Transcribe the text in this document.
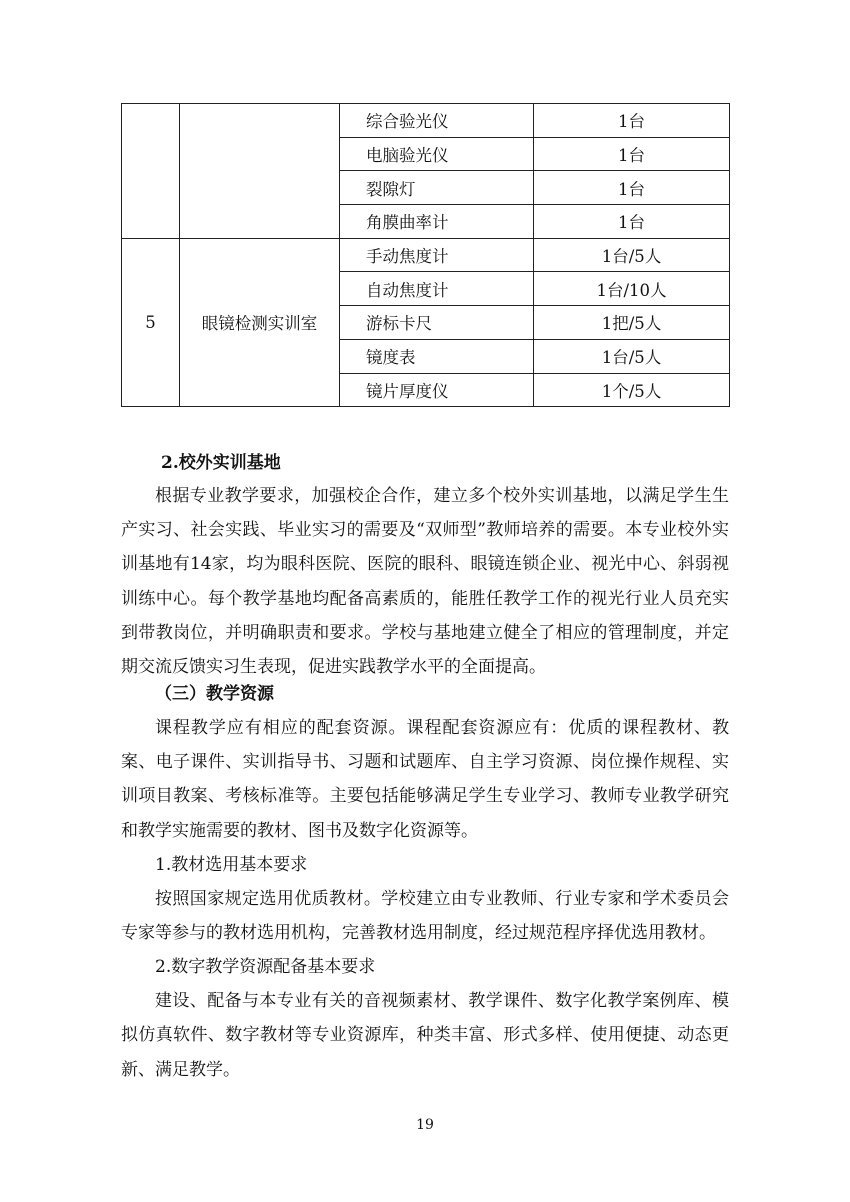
		综合验光仪	1台
		电脑验光仪	1台
		裂隙灯	1台
		角膜曲率计	1台
5	眼镜检测实训室	手动焦度计	1台/5人
		自动焦度计	1台/10人
		游标卡尺	1把/5人
		镜度表	1台/5人
		镜片厚度仪	1个/5人

2.校外实训基地

根据专业教学要求，加强校企合作，建立多个校外实训基地，以满足学生生产实习、社会实践、毕业实习的需要及“双师型”教师培养的需要。本专业校外实训基地有14家，均为眼科医院、医院的眼科、眼镜连锁企业、视光中心、斜弱视训练中心。每个教学基地均配备高素质的，能胜任教学工作的视光行业人员充实到带教岗位，并明确职责和要求。学校与基地建立健全了相应的管理制度，并定期交流反馈实习生表现，促进实践教学水平的全面提高。

（三）教学资源

课程教学应有相应的配套资源。课程配套资源应有：优质的课程教材、教案、电子课件、实训指导书、习题和试题库、自主学习资源、岗位操作规程、实训项目教案、考核标准等。主要包括能够满足学生专业学习、教师专业教学研究和教学实施需要的教材、图书及数字化资源等。

1.教材选用基本要求

按照国家规定选用优质教材。学校建立由专业教师、行业专家和学术委员会专家等参与的教材选用机构，完善教材选用制度，经过规范程序择优选用教材。

2.数字教学资源配备基本要求

建设、配备与本专业有关的音视频素材、教学课件、数字化教学案例库、模拟仿真软件、数字教材等专业资源库，种类丰富、形式多样、使用便捷、动态更新、满足教学。

19
